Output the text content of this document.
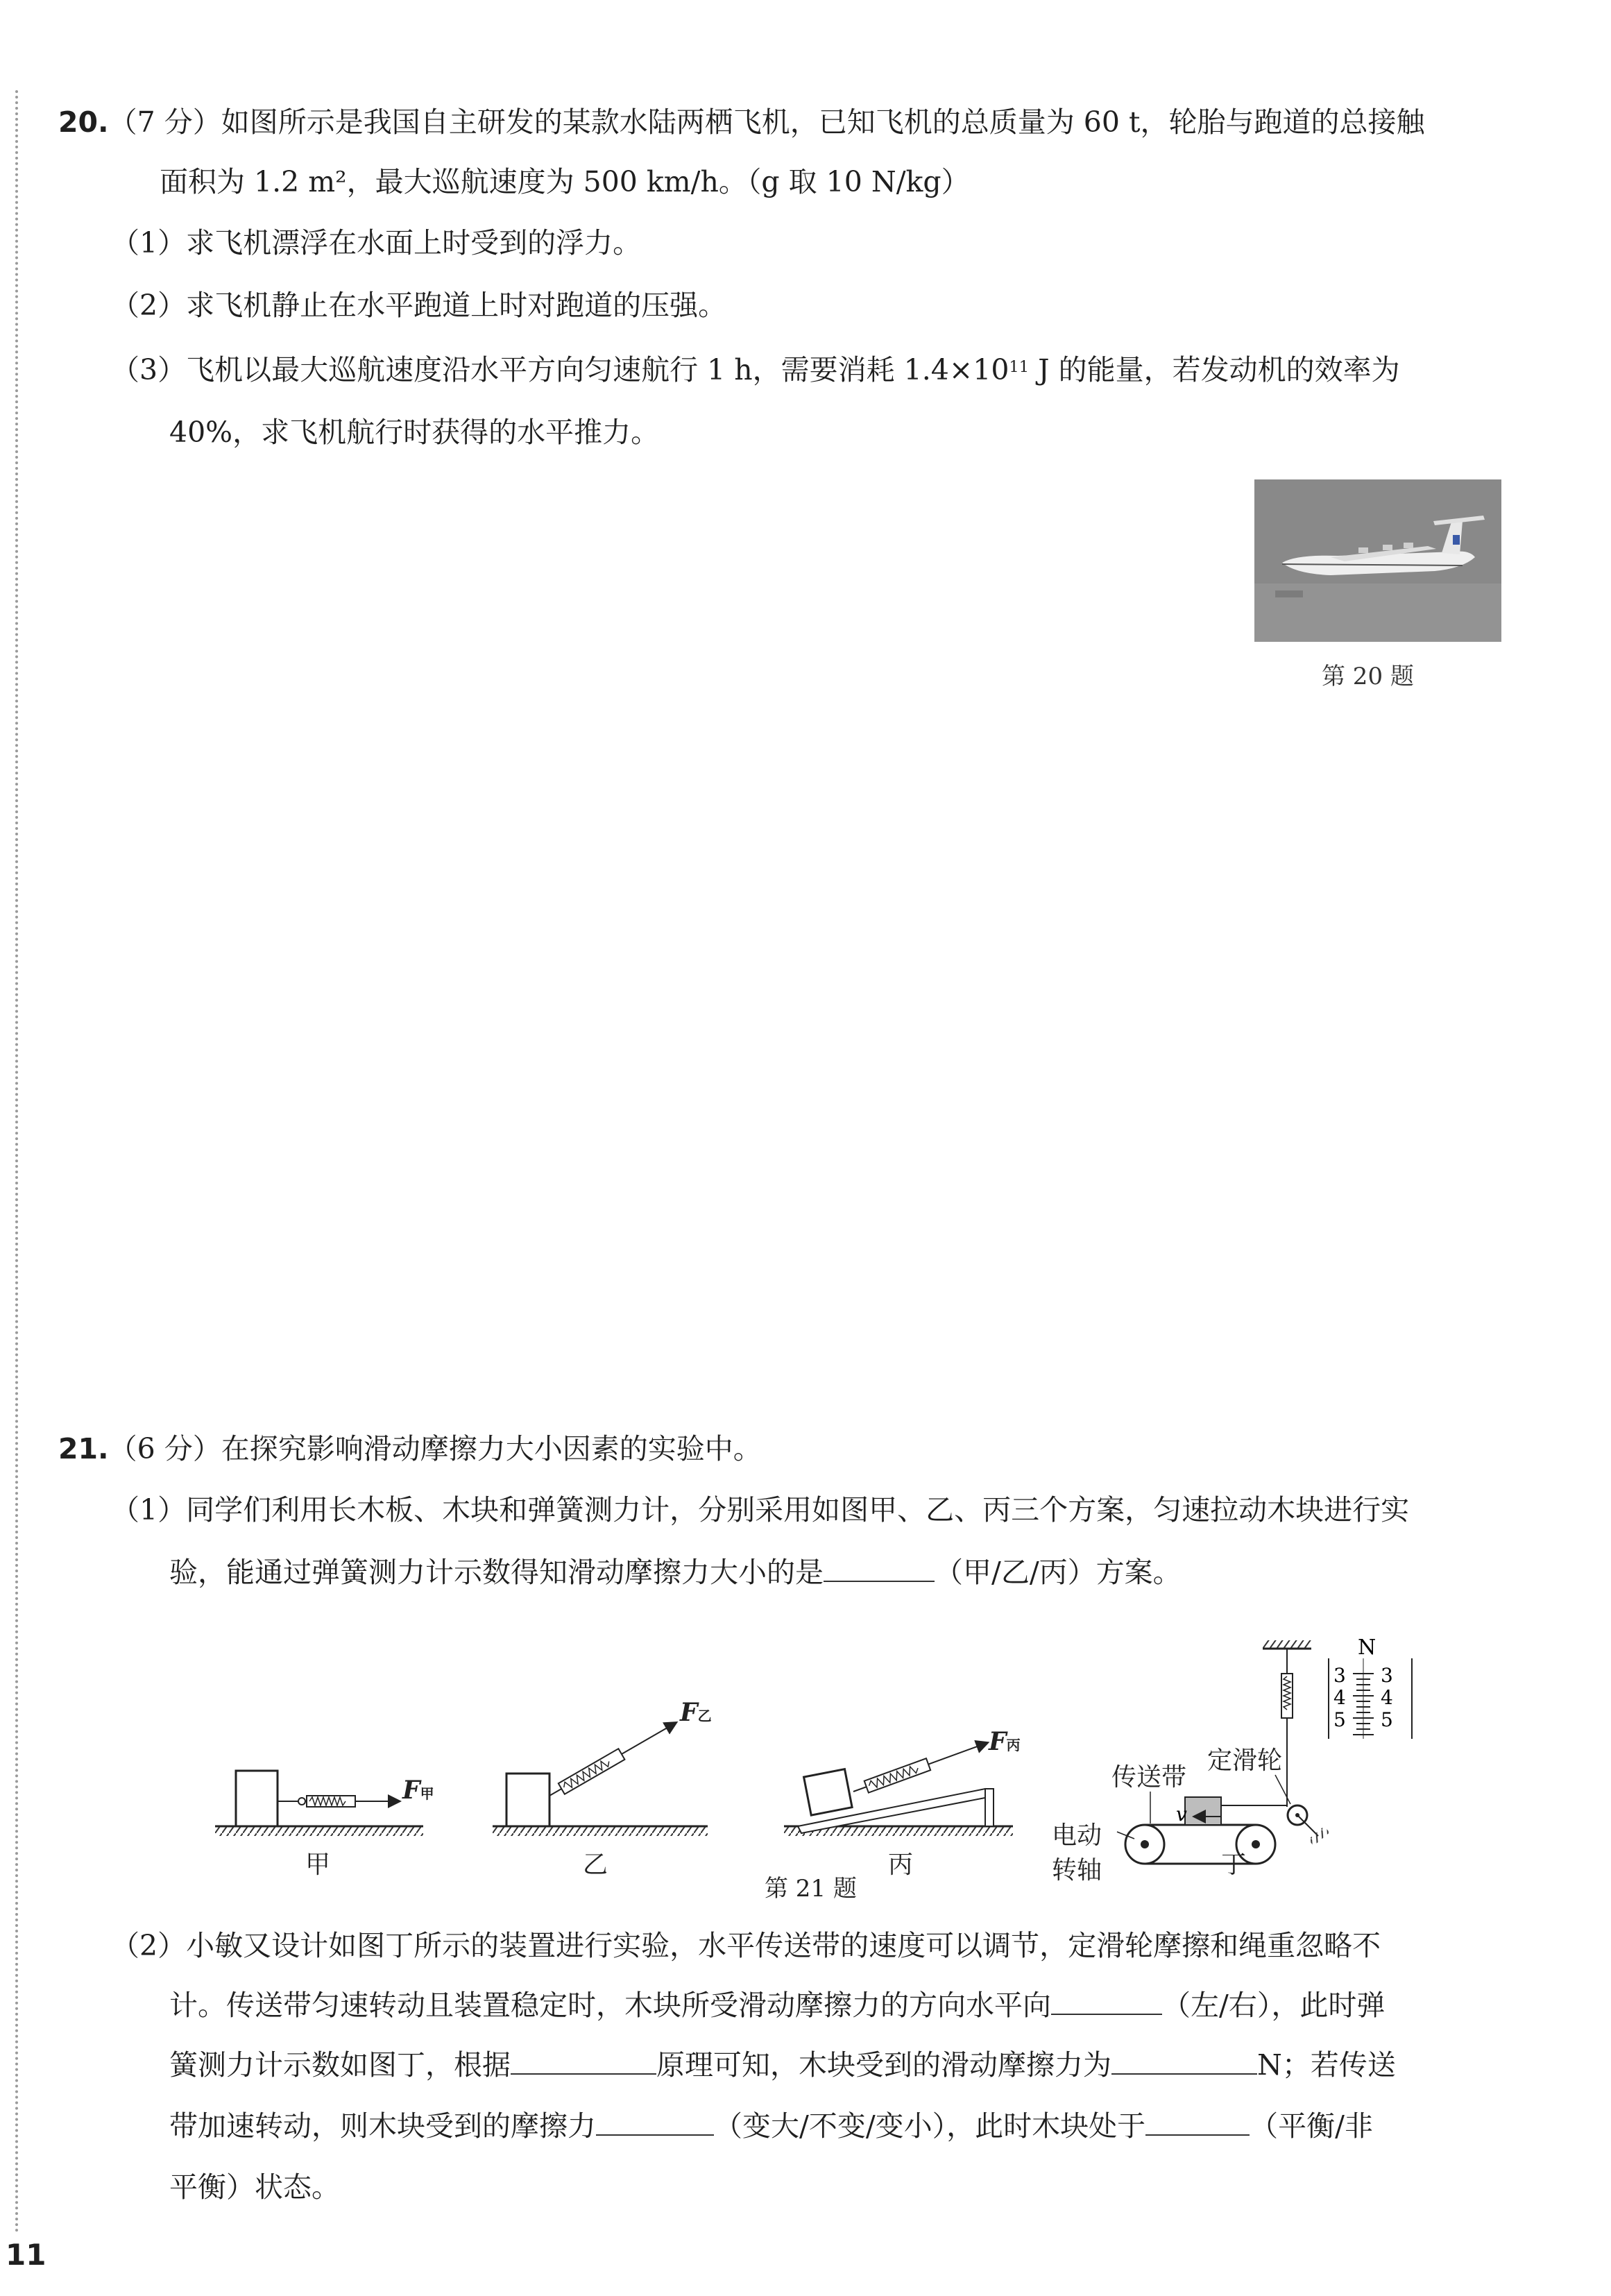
20.（7 分）如图所示是我国自主研发的某款水陆两栖飞机，已知飞机的总质量为 60 t，轮胎与跑道的总接触
面积为 1.2 m²，最大巡航速度为 500 km/h。（g 取 10 N/kg）
（1）求飞机漂浮在水面上时受到的浮力。
（2）求飞机静止在水平跑道上时对跑道的压强。
（3）飞机以最大巡航速度沿水平方向匀速航行 1 h，需要消耗 $1.4\times 10^{11}$ J 的能量，若发动机的效率为
40%，求飞机航行时获得的水平推力。
第 20 题
21.（6 分）在探究影响滑动摩擦力大小因素的实验中。
（1）同学们利用长木板、木块和弹簧测力计，分别采用如图甲、乙、丙三个方案，匀速拉动木块进行实
验，能通过弹簧测力计示数得知滑动摩擦力大小的是	（甲/乙/丙）方案。
N
3
4
5
3
4
5
v
F甲
F乙
F丙
传送带
定滑轮
电动
转轴
甲	乙	丙	丁
第 21 题
（2）小敏又设计如图丁所示的装置进行实验，水平传送带的速度可以调节，定滑轮摩擦和绳重忽略不
计。传送带匀速转动且装置稳定时，木块所受滑动摩擦力的方向水平向	（左/右），此时弹
簧测力计示数如图丁，根据	原理可知，木块受到的滑动摩擦力为	N；若传送
带加速转动，则木块受到的摩擦力	（变大/不变/变小），此时木块处于	（平衡/非
平衡）状态。
11
